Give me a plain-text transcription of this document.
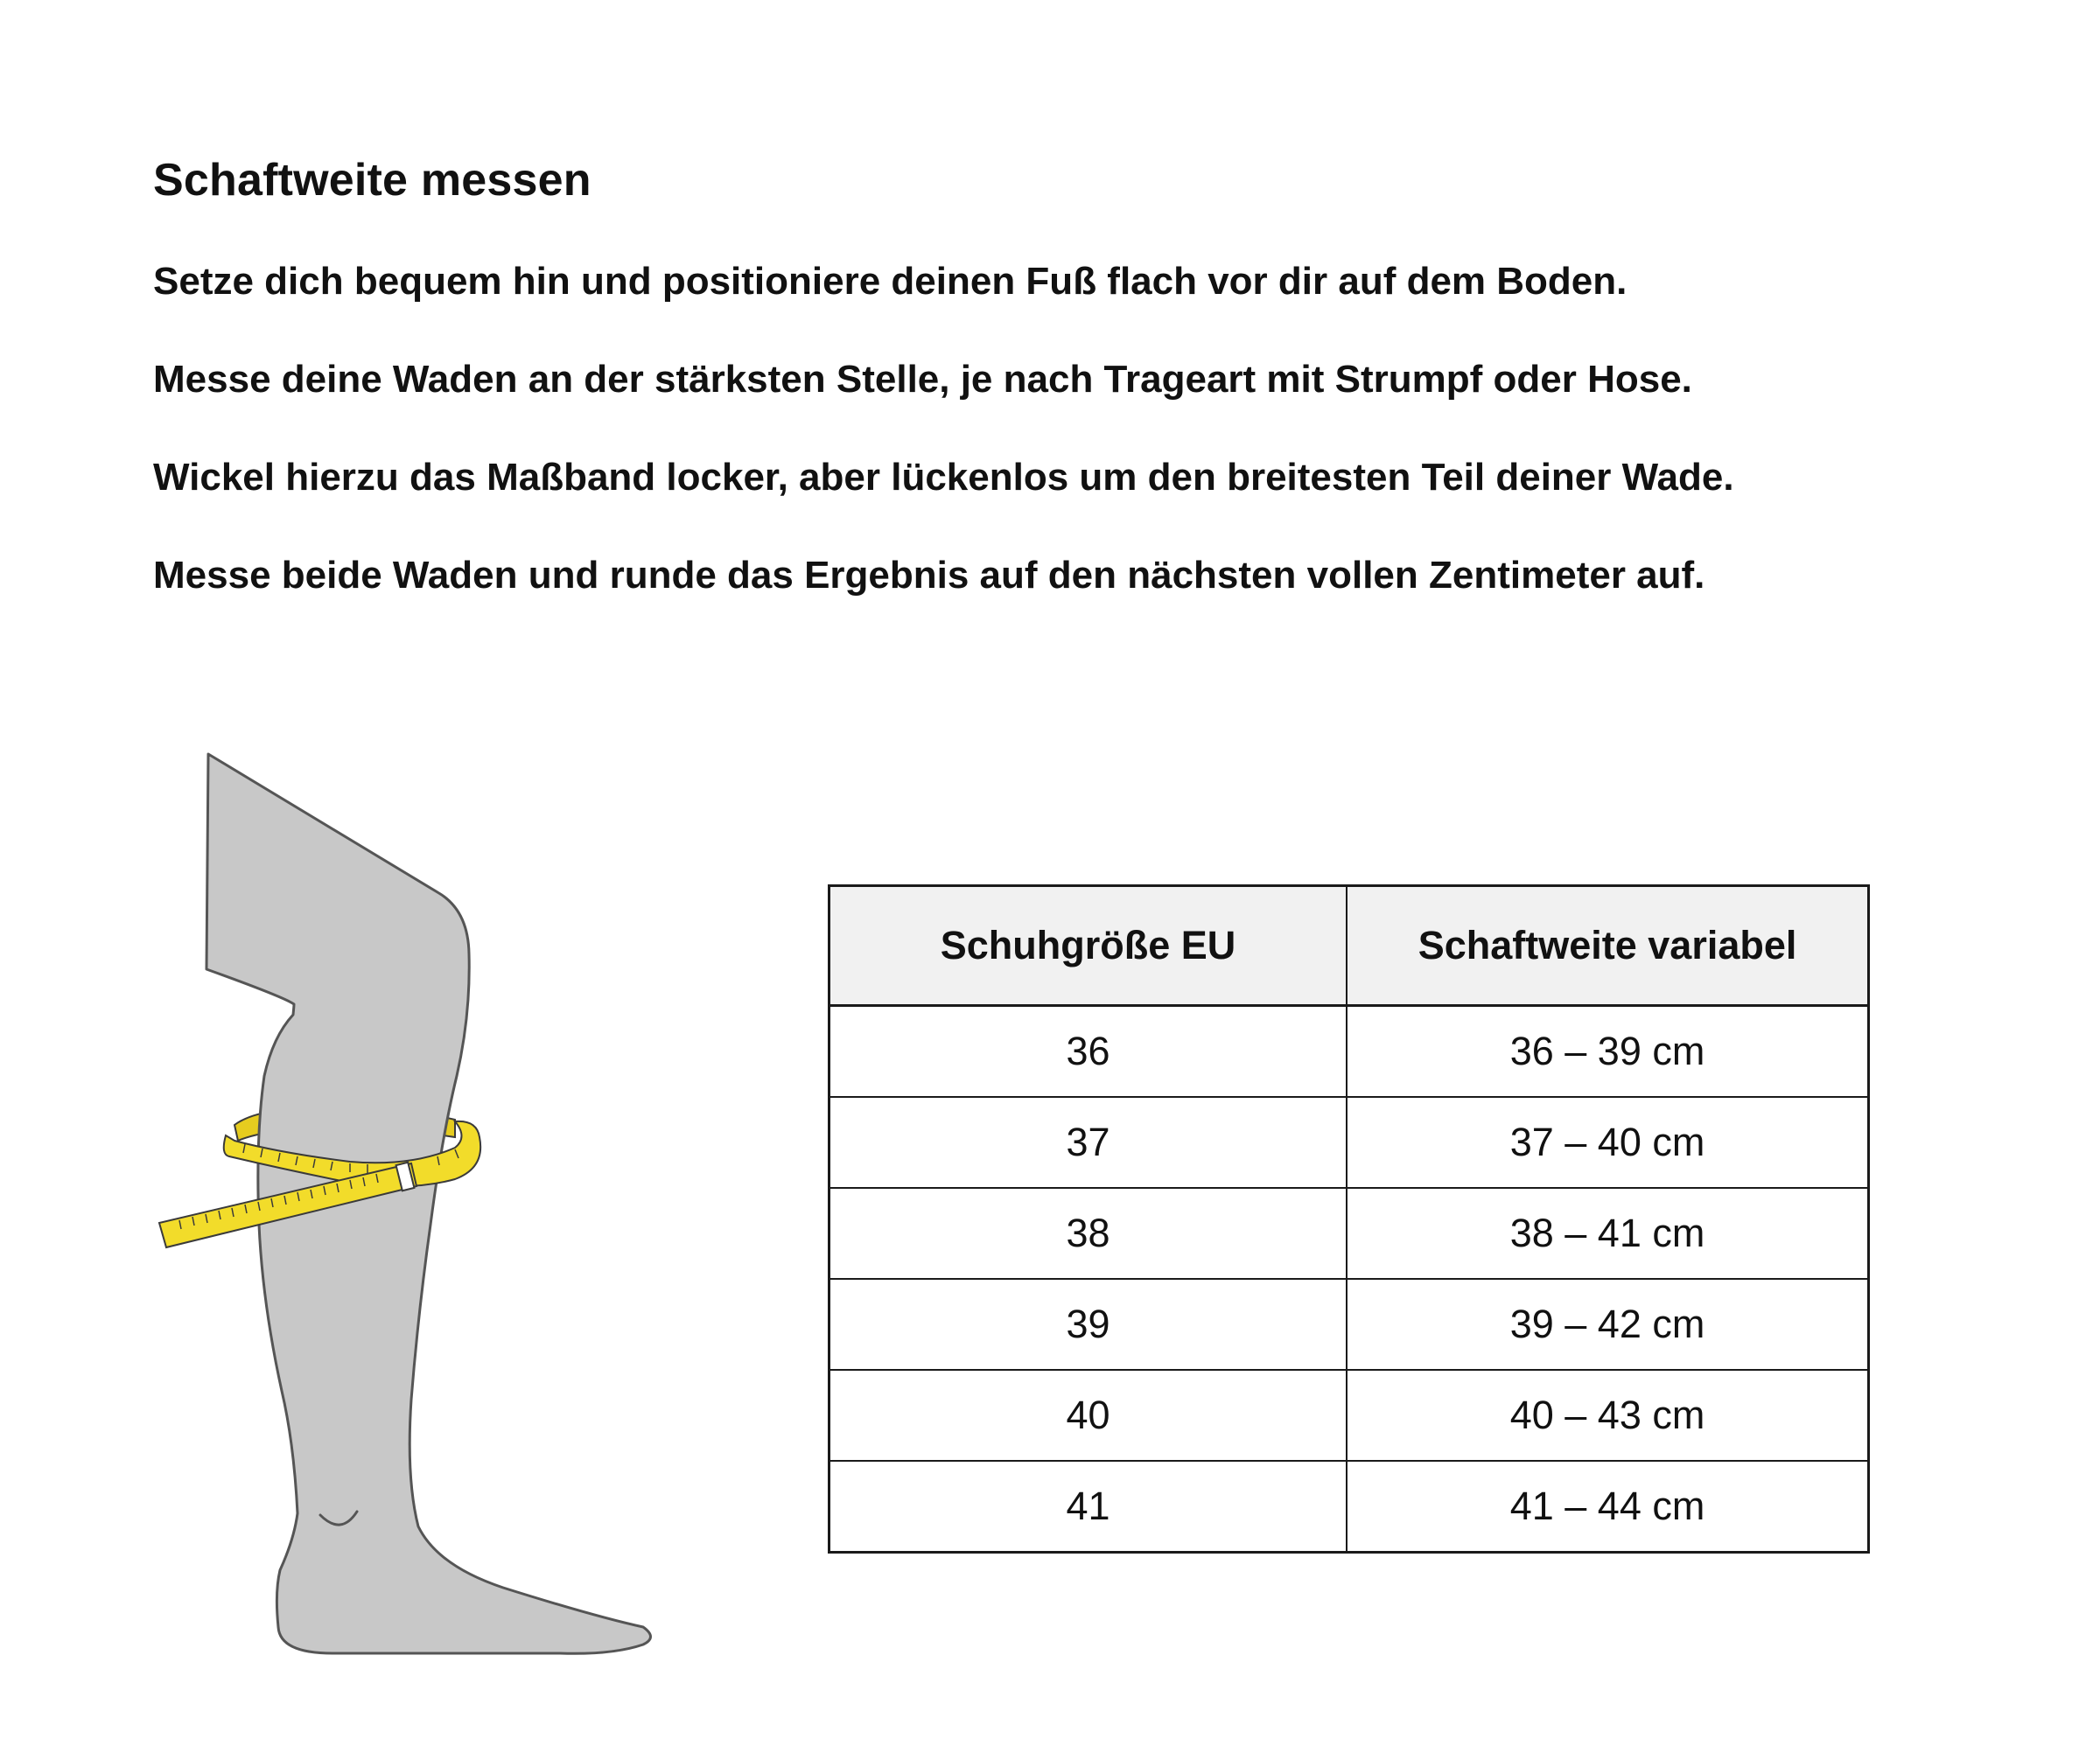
Schaftweite messen
Setze dich bequem hin und positioniere deinen Fuß flach vor dir auf dem Boden.
Messe deine Waden an der stärksten Stelle, je nach Trageart mit Strumpf oder Hose.
Wickel hierzu das Maßband locker, aber lückenlos um den breitesten Teil deiner Wade.
Messe beide Waden und runde das Ergebnis auf den nächsten vollen Zentimeter auf.
Schuhgröße EU	Schaftweite variabel
36	36 – 39 cm
37	37 – 40 cm
38	38 – 41 cm
39	39 – 42 cm
40	40 – 43 cm
41	41 – 44 cm
